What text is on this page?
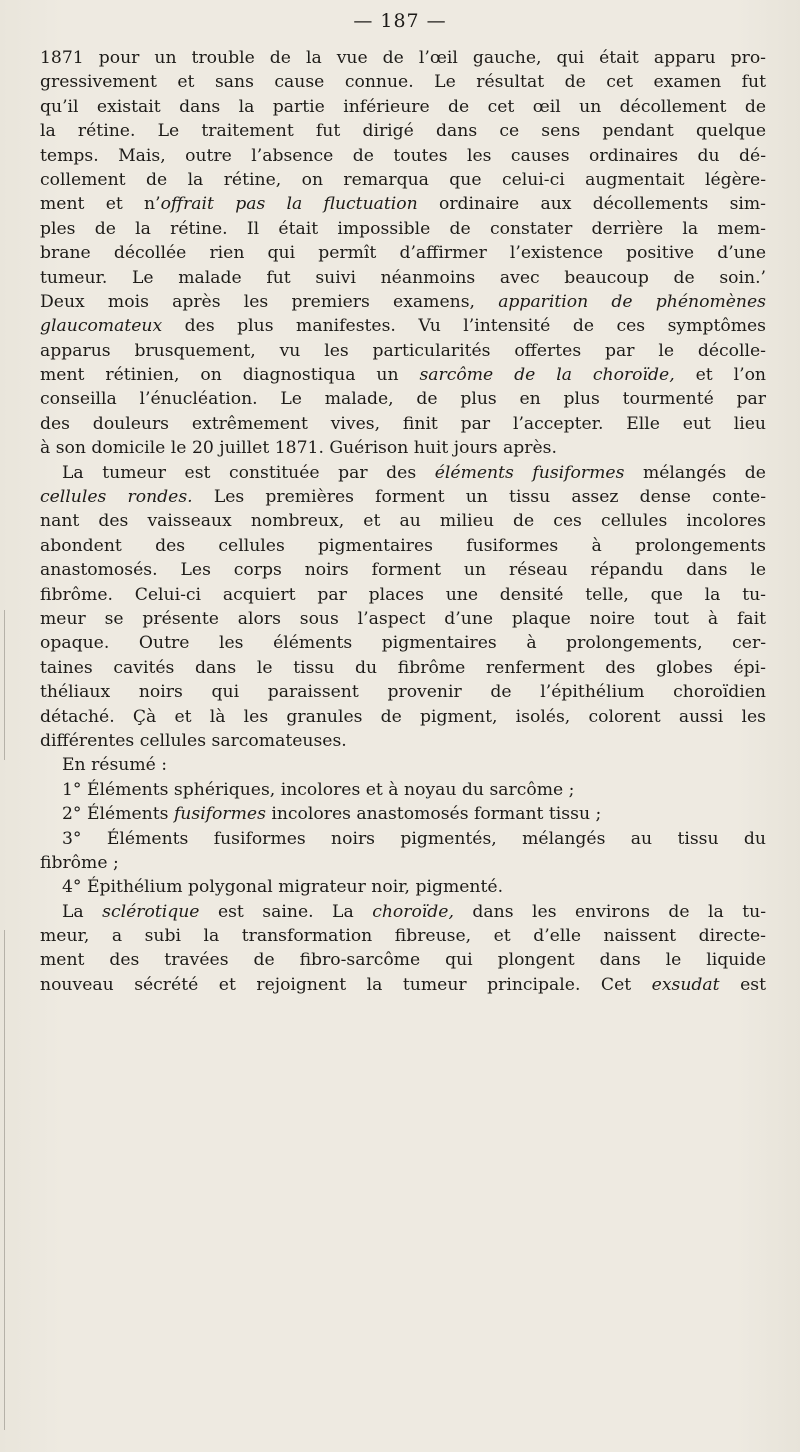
— 187 —
1871 pour un trouble de la vue de l’œil gauche, qui était apparu pro-
gressivement et sans cause connue. Le résultat de cet examen fut
qu’il existait dans la partie inférieure de cet œil un décollement de
la rétine. Le traitement fut dirigé dans ce sens pendant quelque
temps. Mais, outre l’absence de toutes les causes ordinaires du dé-
collement de la rétine, on remarqua que celui-ci augmentait légère-
ment et n’offrait pas la fluctuation ordinaire aux décollements sim-
ples de la rétine. Il était impossible de constater derrière la mem-
brane décollée rien qui permît d’affirmer l’existence positive d’une
tumeur. Le malade fut suivi néanmoins avec beaucoup de soin.’
Deux mois après les premiers examens, apparition de phénomènes
glaucomateux des plus manifestes. Vu l’intensité de ces symptômes
apparus brusquement, vu les particularités offertes par le décolle-
ment rétinien, on diagnostiqua un sarcôme de la choroïde, et l’on
conseilla l’énucléation. Le malade, de plus en plus tourmenté par
des douleurs extrêmement vives, finit par l’accepter. Elle eut lieu
à son domicile le 20 juillet 1871. Guérison huit jours après.
La tumeur est constituée par des éléments fusiformes mélangés de
cellules rondes. Les premières forment un tissu assez dense conte-
nant des vaisseaux nombreux, et au milieu de ces cellules incolores
abondent des cellules pigmentaires fusiformes à prolongements
anastomosés. Les corps noirs forment un réseau répandu dans le
fibrôme. Celui-ci acquiert par places une densité telle, que la tu-
meur se présente alors sous l’aspect d’une plaque noire tout à fait
opaque. Outre les éléments pigmentaires à prolongements, cer-
taines cavités dans le tissu du fibrôme renferment des globes épi-
théliaux noirs qui paraissent provenir de l’épithélium choroïdien
détaché. Çà et là les granules de pigment, isolés, colorent aussi les
différentes cellules sarcomateuses.
En résumé :
1° Éléments sphériques, incolores et à noyau du sarcôme ;
2° Éléments fusiformes incolores anastomosés formant tissu ;
3° Éléments fusiformes noirs pigmentés, mélangés au tissu du
fibrôme ;
4° Épithélium polygonal migrateur noir, pigmenté.
La sclérotique est saine. La choroïde, dans les environs de la tu-
meur, a subi la transformation fibreuse, et d’elle naissent directe-
ment des travées de fibro-sarcôme qui plongent dans le liquide
nouveau sécrété et rejoignent la tumeur principale. Cet exsudat est
